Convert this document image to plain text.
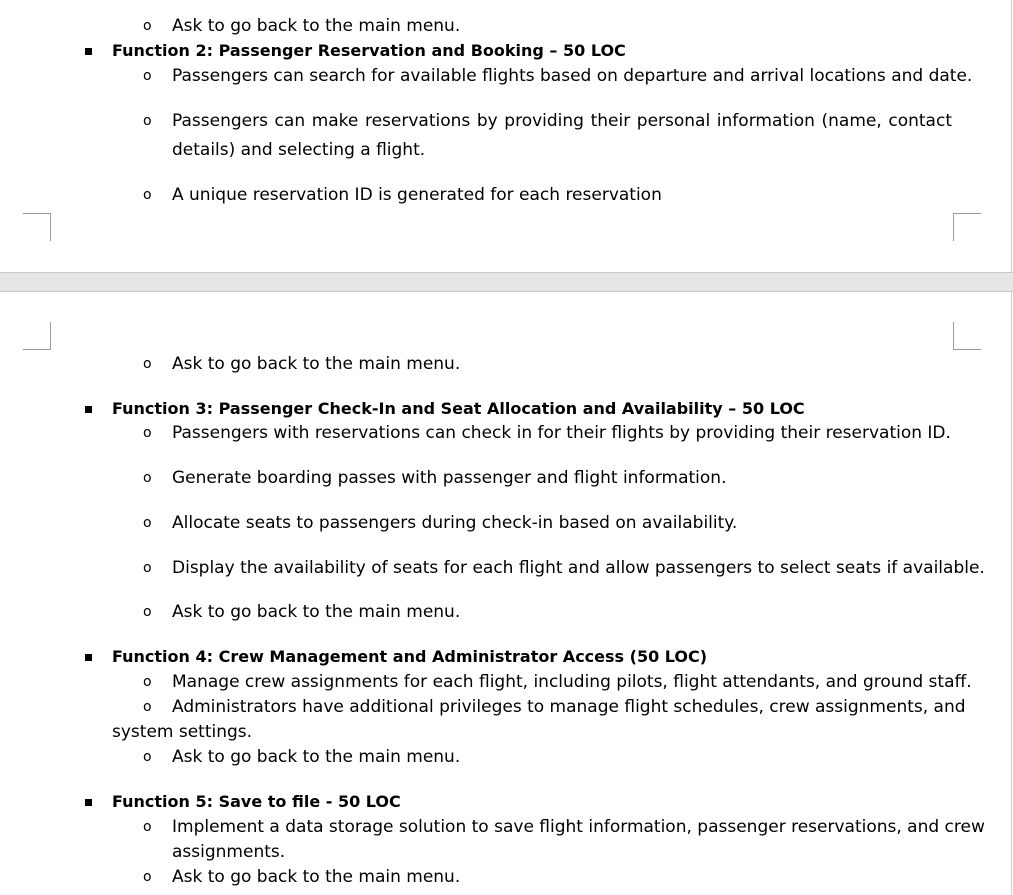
o Ask to go back to the main menu.
Function 2: Passenger Reservation and Booking – 50 LOC
o Passengers can search for available flights based on departure and arrival locations and date.
o Passengers can make reservations by providing their personal information (name, contact
details) and selecting a flight.
o A unique reservation ID is generated for each reservation
o Ask to go back to the main menu.
Function 3: Passenger Check-In and Seat Allocation and Availability – 50 LOC
o Passengers with reservations can check in for their flights by providing their reservation ID.
o Generate boarding passes with passenger and flight information.
o Allocate seats to passengers during check-in based on availability.
o Display the availability of seats for each flight and allow passengers to select seats if available.
o Ask to go back to the main menu.
Function 4: Crew Management and Administrator Access (50 LOC)
o Manage crew assignments for each flight, including pilots, flight attendants, and ground staff.
o Administrators have additional privileges to manage flight schedules, crew assignments, and
system settings.
o Ask to go back to the main menu.
Function 5: Save to file - 50 LOC
o Implement a data storage solution to save flight information, passenger reservations, and crew
assignments.
o Ask to go back to the main menu.
